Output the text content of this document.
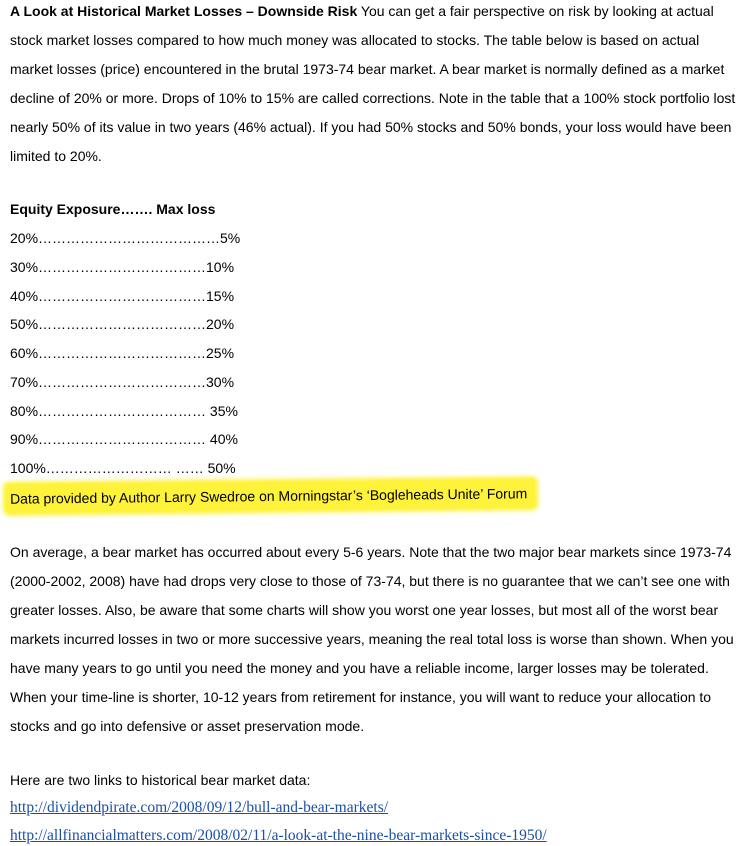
A Look at Historical Market Losses – Downside Risk You can get a fair perspective on risk by looking at actual stock market losses compared to how much money was allocated to stocks. The table below is based on actual market losses (price) encountered in the brutal 1973-74 bear market. A bear market is normally defined as a market decline of 20% or more. Drops of 10% to 15% are called corrections. Note in the table that a 100% stock portfolio lost nearly 50% of its value in two years (46% actual). If you had 50% stocks and 50% bonds, your loss would have been limited to 20%.

Equity Exposure……. Max loss
20%…………………………………5%
30%………………………………10%
40%………………………………15%
50%………………………………20%
60%………………………………25%
70%………………………………30%
80%……………………………… 35%
90%……………………………… 40%
100%……………………… …… 50%
Data provided by Author Larry Swedroe on Morningstar’s ‘Bogleheads Unite’ Forum

On average, a bear market has occurred about every 5-6 years. Note that the two major bear markets since 1973-74 (2000-2002, 2008) have had drops very close to those of 73-74, but there is no guarantee that we can’t see one with greater losses. Also, be aware that some charts will show you worst one year losses, but most all of the worst bear markets incurred losses in two or more successive years, meaning the real total loss is worse than shown. When you have many years to go until you need the money and you have a reliable income, larger losses may be tolerated. When your time-line is shorter, 10-12 years from retirement for instance, you will want to reduce your allocation to stocks and go into defensive or asset preservation mode.

Here are two links to historical bear market data:
http://dividendpirate.com/2008/09/12/bull-and-bear-markets/
http://allfinancialmatters.com/2008/02/11/a-look-at-the-nine-bear-markets-since-1950/
